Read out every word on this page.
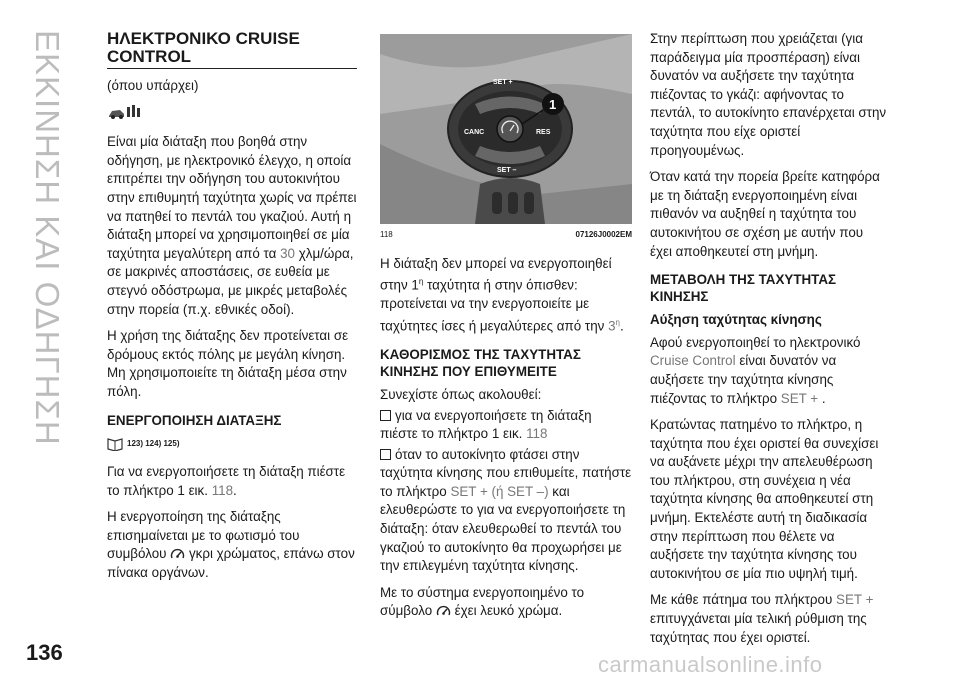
ΕΚΚΙΝΗΣΗ ΚΑΙ ΟΔΗΓΗΣΗ ΗΛΕΚΤΡΟΝΙΚΟ CRUISE
CONTROL

(όπου υπάρχει)

Είναι μία διάταξη που βοηθά στην οδήγηση, με ηλεκτρονικό έλεγχο, η οποία επιτρέπει την οδήγηση του αυτοκινήτου στην επιθυμητή ταχύτητα χωρίς να πρέπει να πατηθεί το πεντάλ του γκαζιού. Αυτή η διάταξη μπορεί να χρησιμοποιηθεί σε μία ταχύτητα μεγαλύτερη από τα 30 χλμ/ώρα, σε μακρινές αποστάσεις, σε ευθεία με στεγνό οδόστρωμα, με μικρές μεταβολές στην πορεία (π.χ. εθνικές οδοί).

Η χρήση της διάταξης δεν προτείνεται σε δρόμους εκτός πόλης με μεγάλη κίνηση. Μη χρησιμοποιείτε τη διάταξη μέσα στην πόλη.

ΕΝΕΡΓΟΠΟΙΗΣΗ ΔΙΑΤΑΞΗΣ
123) 124) 125)

Για να ενεργοποιήσετε τη διάταξη πιέστε το πλήκτρο 1 εικ. 118.

Η ενεργοποίηση της διάταξης επισημαίνεται με το φωτισμό του συμβόλου γκρι χρώματος, επάνω στον πίνακα οργάνων.

SET +
CANC	RES
SET –
1
118	07126J0002EM

Η διάταξη δεν μπορεί να ενεργοποιηθεί στην $1^\eta$ ταχύτητα ή στην όπισθεν: προτείνεται να την ενεργοποιείτε με ταχύτητες ίσες ή μεγαλύτερες από την $3^\eta$.

ΚΑΘΟΡΙΣΜΟΣ ΤΗΣ ΤΑΧΥΤΗΤΑΣ ΚΙΝΗΣΗΣ ΠΟΥ ΕΠΙΘΥΜΕΙΤΕ

Συνεχίστε όπως ακολουθεί:

για να ενεργοποιήσετε τη διάταξη πιέστε το πλήκτρο 1 εικ. 118

όταν το αυτοκίνητο φτάσει στην ταχύτητα κίνησης που επιθυμείτε, πατήστε το πλήκτρο SET + (ή SET –) και ελευθερώστε το για να ενεργοποιήσετε τη διάταξη: όταν ελευθερωθεί το πεντάλ του γκαζιού το αυτοκίνητο θα προχωρήσει με την επιλεγμένη ταχύτητα κίνησης.

Με το σύστημα ενεργοποιημένο το σύμβολο έχει λευκό χρώμα.

Στην περίπτωση που χρειάζεται (για παράδειγμα μία προσπέραση) είναι δυνατόν να αυξήσετε την ταχύτητα πιέζοντας το γκάζι: αφήνοντας το πεντάλ, το αυτοκίνητο επανέρχεται στην ταχύτητα που είχε οριστεί προηγουμένως.

Όταν κατά την πορεία βρείτε κατηφόρα με τη διάταξη ενεργοποιημένη είναι πιθανόν να αυξηθεί η ταχύτητα του αυτοκινήτου σε σχέση με αυτήν που έχει αποθηκευτεί στη μνήμη.

ΜΕΤΑΒΟΛΗ ΤΗΣ ΤΑΧΥΤΗΤΑΣ ΚΙΝΗΣΗΣ
Αύξηση ταχύτητας κίνησης

Αφού ενεργοποιηθεί το ηλεκτρονικό Cruise Control είναι δυνατόν να αυξήσετε την ταχύτητα κίνησης πιέζοντας το πλήκτρο SET + .

Κρατώντας πατημένο το πλήκτρο, η ταχύτητα που έχει οριστεί θα συνεχίσει να αυξάνετε μέχρι την απελευθέρωση του πλήκτρου, στη συνέχεια η νέα ταχύτητα κίνησης θα αποθηκευτεί στη μνήμη. Εκτελέστε αυτή τη διαδικασία στην περίπτωση που θέλετε να αυξήσετε την ταχύτητα κίνησης του αυτοκινήτου σε μία πιο υψηλή τιμή.

Με κάθε πάτημα του πλήκτρου SET + επιτυγχάνεται μία τελική ρύθμιση της ταχύτητας που έχει οριστεί.

136	carmanualsonline.info
